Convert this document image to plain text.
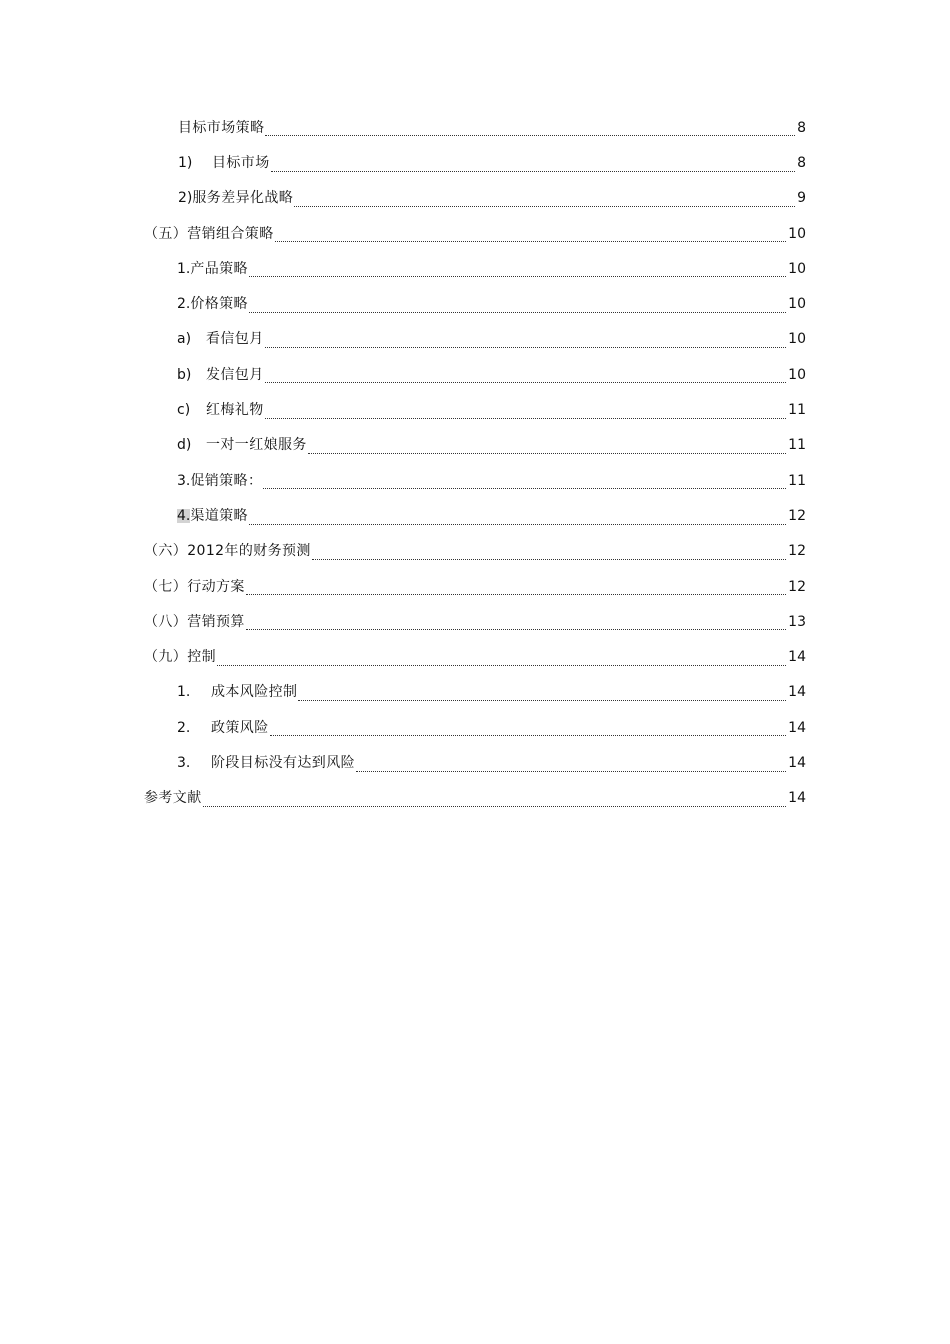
目标市场策略	8
1)	目标市场	8
2) 服务差异化战略	9
（五）营销组合策略	10
1. 产品策略	10
2. 价格策略	10
a)	看信包月	10
b)	发信包月	10
c)	红梅礼物	11
d)	一对一红娘服务	11
3. 促销策略：	11
4. 渠道策略	12
（六）2012年的财务预测	12
（七）行动方案	12
（八）营销预算	13
（九）控制	14
1.	成本风险控制	14
2.	政策风险	14
3.	阶段目标没有达到风险	14
参考文献	14
